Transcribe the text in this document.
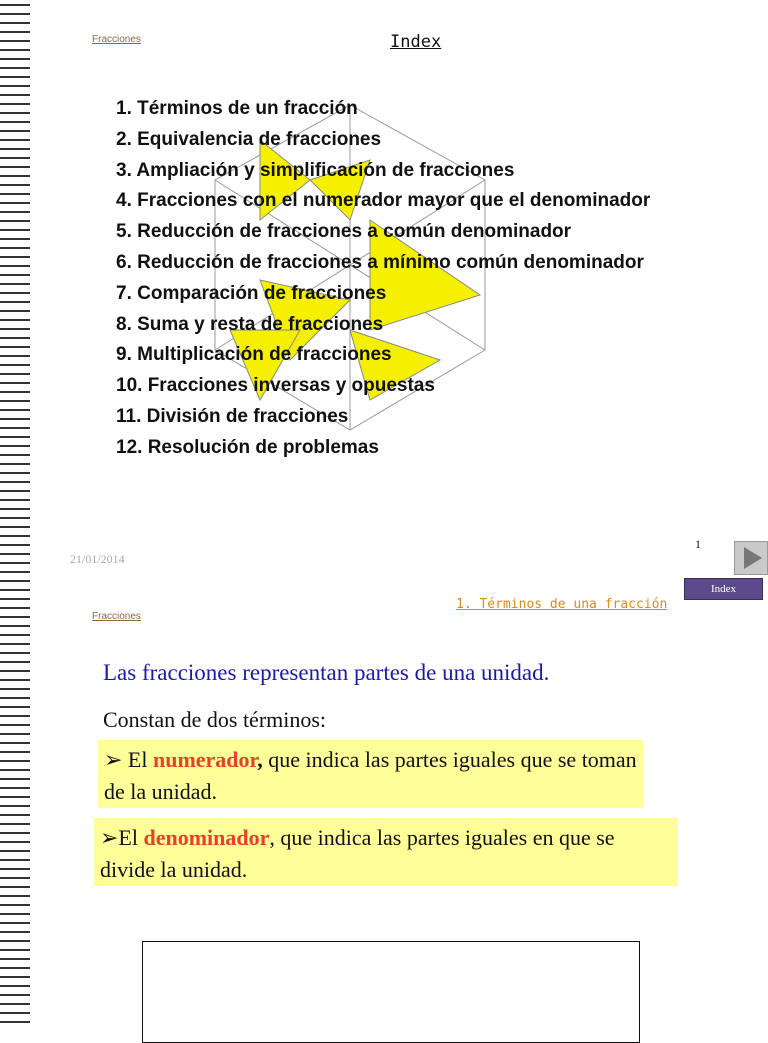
Fracciones	Index
1. Términos de un fracción
2. Equivalencia de fracciones
3. Ampliación y simplificación de fracciones
4. Fracciones con el numerador mayor que el denominador
5. Reducción de fracciones a común denominador
6. Reducción de fracciones a mínimo común denominador
7. Comparación de fracciones
8. Suma y resta de fracciones
9. Multiplicación de fracciones
10. Fracciones inversas y opuestas
11. División de fracciones
12. Resolución de problemas
21/01/2014
1
Index
Fracciones
1. Términos de una fracción
Las fracciones representan partes de una unidad.
Constan de dos términos:
➢ El numerador, que indica las partes iguales que se toman de la unidad.
➢El denominador, que indica las partes iguales en que se divide la unidad.
